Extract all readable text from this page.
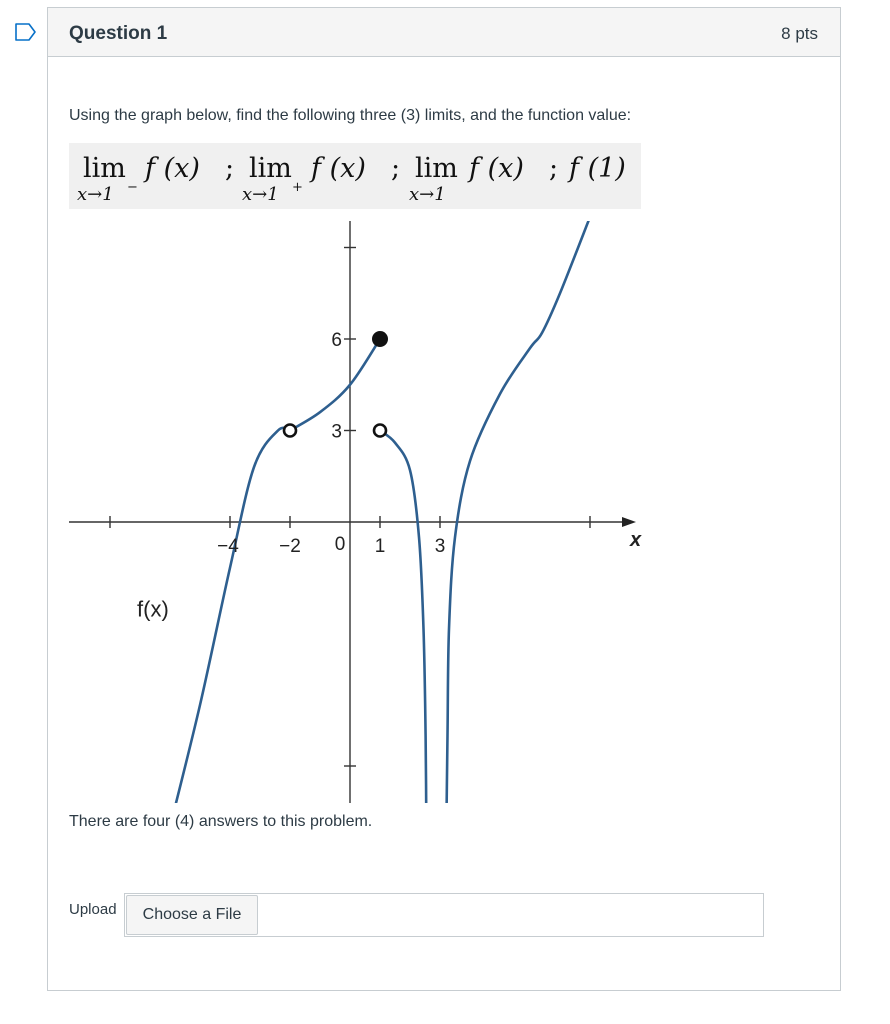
Question 1	8 pts
Using the graph below, find the following three (3) limits, and the function value:
lim f (x) ;
x→1 −
lim f (x) ;
x→1 +
lim f (x) ;
x→1
f (1)
−4 −2	1	3
3
6
0	x
f(x)
There are four (4) answers to this problem.
Upload	Choose a File
